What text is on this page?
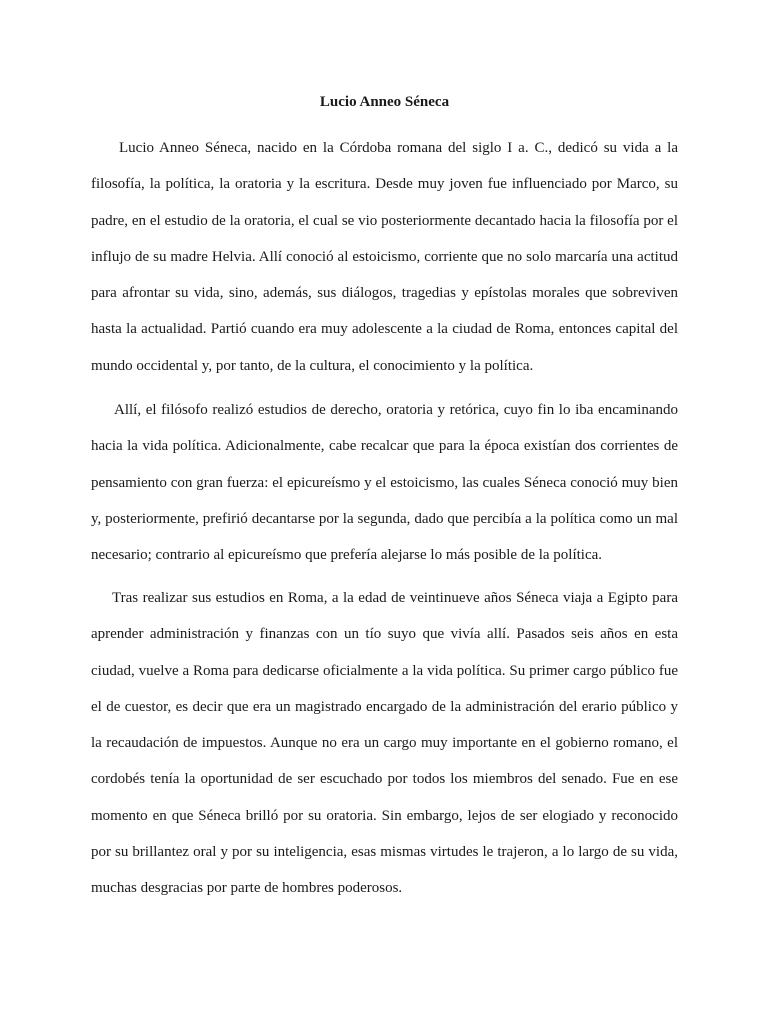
Lucio Anneo Séneca

Lucio Anneo Séneca, nacido en la Córdoba romana del siglo I a. C., dedicó su vida a la filosofía, la política, la oratoria y la escritura. Desde muy joven fue influenciado por Marco, su padre, en el estudio de la oratoria, el cual se vio posteriormente decantado hacia la filosofía por el influjo de su madre Helvia. Allí conoció al estoicismo, corriente que no solo marcaría una actitud para afrontar su vida, sino, además, sus diálogos, tragedias y epístolas morales que sobreviven hasta la actualidad. Partió cuando era muy adolescente a la ciudad de Roma, entonces capital del mundo occidental y, por tanto, de la cultura, el conocimiento y la política.

Allí, el filósofo realizó estudios de derecho, oratoria y retórica, cuyo fin lo iba encaminando hacia la vida política. Adicionalmente, cabe recalcar que para la época existían dos corrientes de pensamiento con gran fuerza: el epicureísmo y el estoicismo, las cuales Séneca conoció muy bien y, posteriormente, prefirió decantarse por la segunda, dado que percibía a la política como un mal necesario; contrario al epicureísmo que prefería alejarse lo más posible de la política.

Tras realizar sus estudios en Roma, a la edad de veintinueve años Séneca viaja a Egipto para aprender administración y finanzas con un tío suyo que vivía allí. Pasados seis años en esta ciudad, vuelve a Roma para dedicarse oficialmente a la vida política. Su primer cargo público fue el de cuestor, es decir que era un magistrado encargado de la administración del erario público y la recaudación de impuestos. Aunque no era un cargo muy importante en el gobierno romano, el cordobés tenía la oportunidad de ser escuchado por todos los miembros del senado. Fue en ese momento en que Séneca brilló por su oratoria. Sin embargo, lejos de ser elogiado y reconocido por su brillantez oral y por su inteligencia, esas mismas virtudes le trajeron, a lo largo de su vida, muchas desgracias por parte de hombres poderosos.
